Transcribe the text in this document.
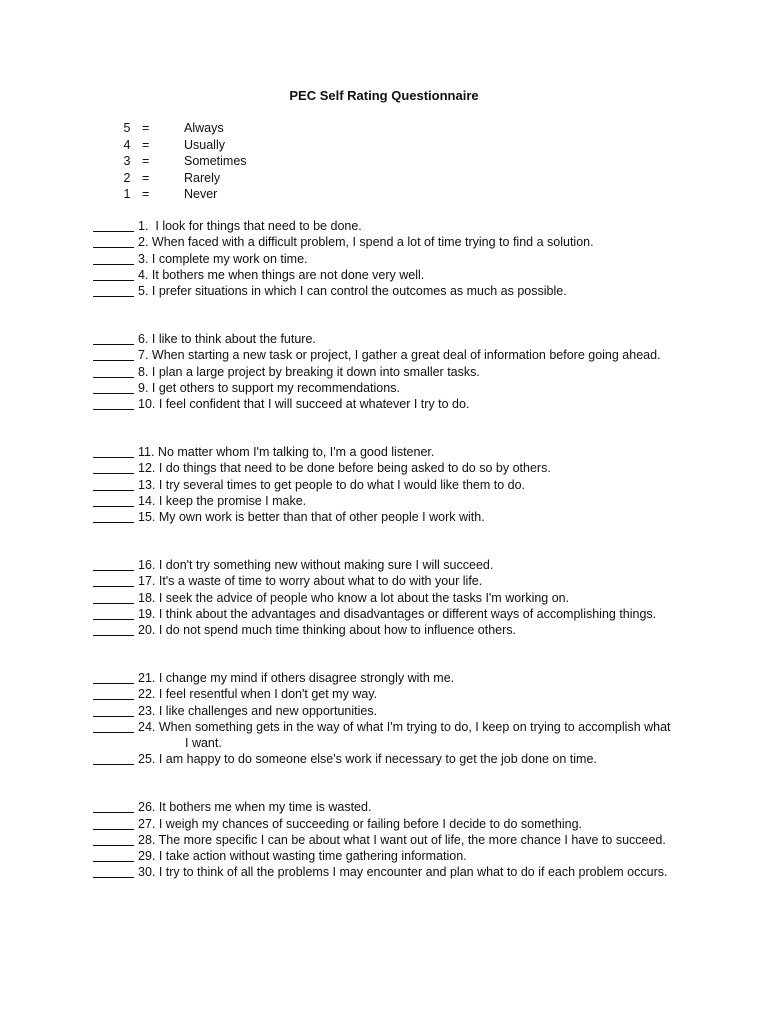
PEC Self Rating Questionnaire
5 =	Always
4 =	Usually
3 =	Sometimes
2 =	Rarely
1 =	Never
1.  I look for things that need to be done.
2. When faced with a difficult problem, I spend a lot of time trying to find a solution.
3. I complete my work on time.
4. It bothers me when things are not done very well.
5. I prefer situations in which I can control the outcomes as much as possible.
6. I like to think about the future.
7. When starting a new task or project, I gather a great deal of information before going ahead.
8. I plan a large project by breaking it down into smaller tasks.
9. I get others to support my recommendations.
10. I feel confident that I will succeed at whatever I try to do.
11. No matter whom I'm talking to, I'm a good listener.
12. I do things that need to be done before being asked to do so by others.
13. I try several times to get people to do what I would like them to do.
14. I keep the promise I make.
15. My own work is better than that of other people I work with.
16. I don't try something new without making sure I will succeed.
17. It's a waste of time to worry about what to do with your life.
18. I seek the advice of people who know a lot about the tasks I'm working on.
19. I think about the advantages and disadvantages or different ways of accomplishing things.
20. I do not spend much time thinking about how to influence others.
21. I change my mind if others disagree strongly with me.
22. I feel resentful when I don't get my way.
23. I like challenges and new opportunities.
24. When something gets in the way of what I'm trying to do, I keep on trying to accomplish what
I want.
25. I am happy to do someone else's work if necessary to get the job done on time.
26. It bothers me when my time is wasted.
27. I weigh my chances of succeeding or failing before I decide to do something.
28. The more specific I can be about what I want out of life, the more chance I have to succeed.
29. I take action without wasting time gathering information.
30. I try to think of all the problems I may encounter and plan what to do if each problem occurs.
